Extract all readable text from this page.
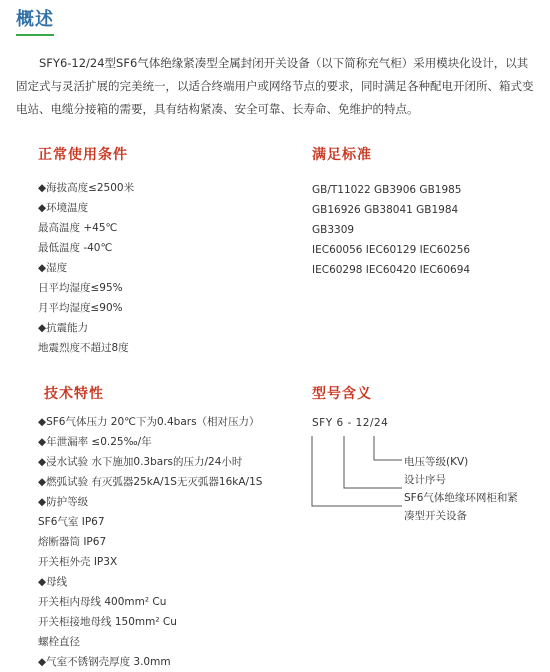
概述
SFY6-12/24型SF6气体绝缘紧凑型全属封闭开关设备（以下简称充气柜）采用模块化设计，以其固定式与灵活扩展的完美统一，以适合终端用户或网络节点的要求，同时满足各种配电开闭所、箱式变电站、电缆分接箱的需要，具有结构紧凑、安全可靠、长寿命、免维护的特点。
正常使用条件
◆海拔高度≤2500米
◆环境温度
最高温度 +45℃
最低温度 -40℃
◆湿度
日平均湿度≤95%
月平均湿度≤90%
◆抗震能力
地震烈度不超过8度
满足标准
GB/T11022 GB3906 GB1985
GB16926 GB38041 GB1984
GB3309
IEC60056 IEC60129 IEC60256
IEC60298 IEC60420 IEC60694
技术特性
◆SF6气体压力 20℃下为0.4bars（相对压力）
◆年泄漏率 ≤0.25‰/年
◆浸水试验 水下施加0.3bars的压力/24小时
◆燃弧试验 有灭弧器25kA/1S无灭弧器16kA/1S
◆防护等级
SF6气室 IP67
熔断器筒 IP67
开关柜外壳 IP3X
◆母线
开关柜内母线 400mm² Cu
开关柜接地母线 150mm² Cu
螺栓直径
◆气室不锈钢壳厚度 3.0mm
型号含义
SFY 6 - 12/24
电压等级(KV)
设计序号
SF6气体绝缘环网柜和紧
凑型开关设备
